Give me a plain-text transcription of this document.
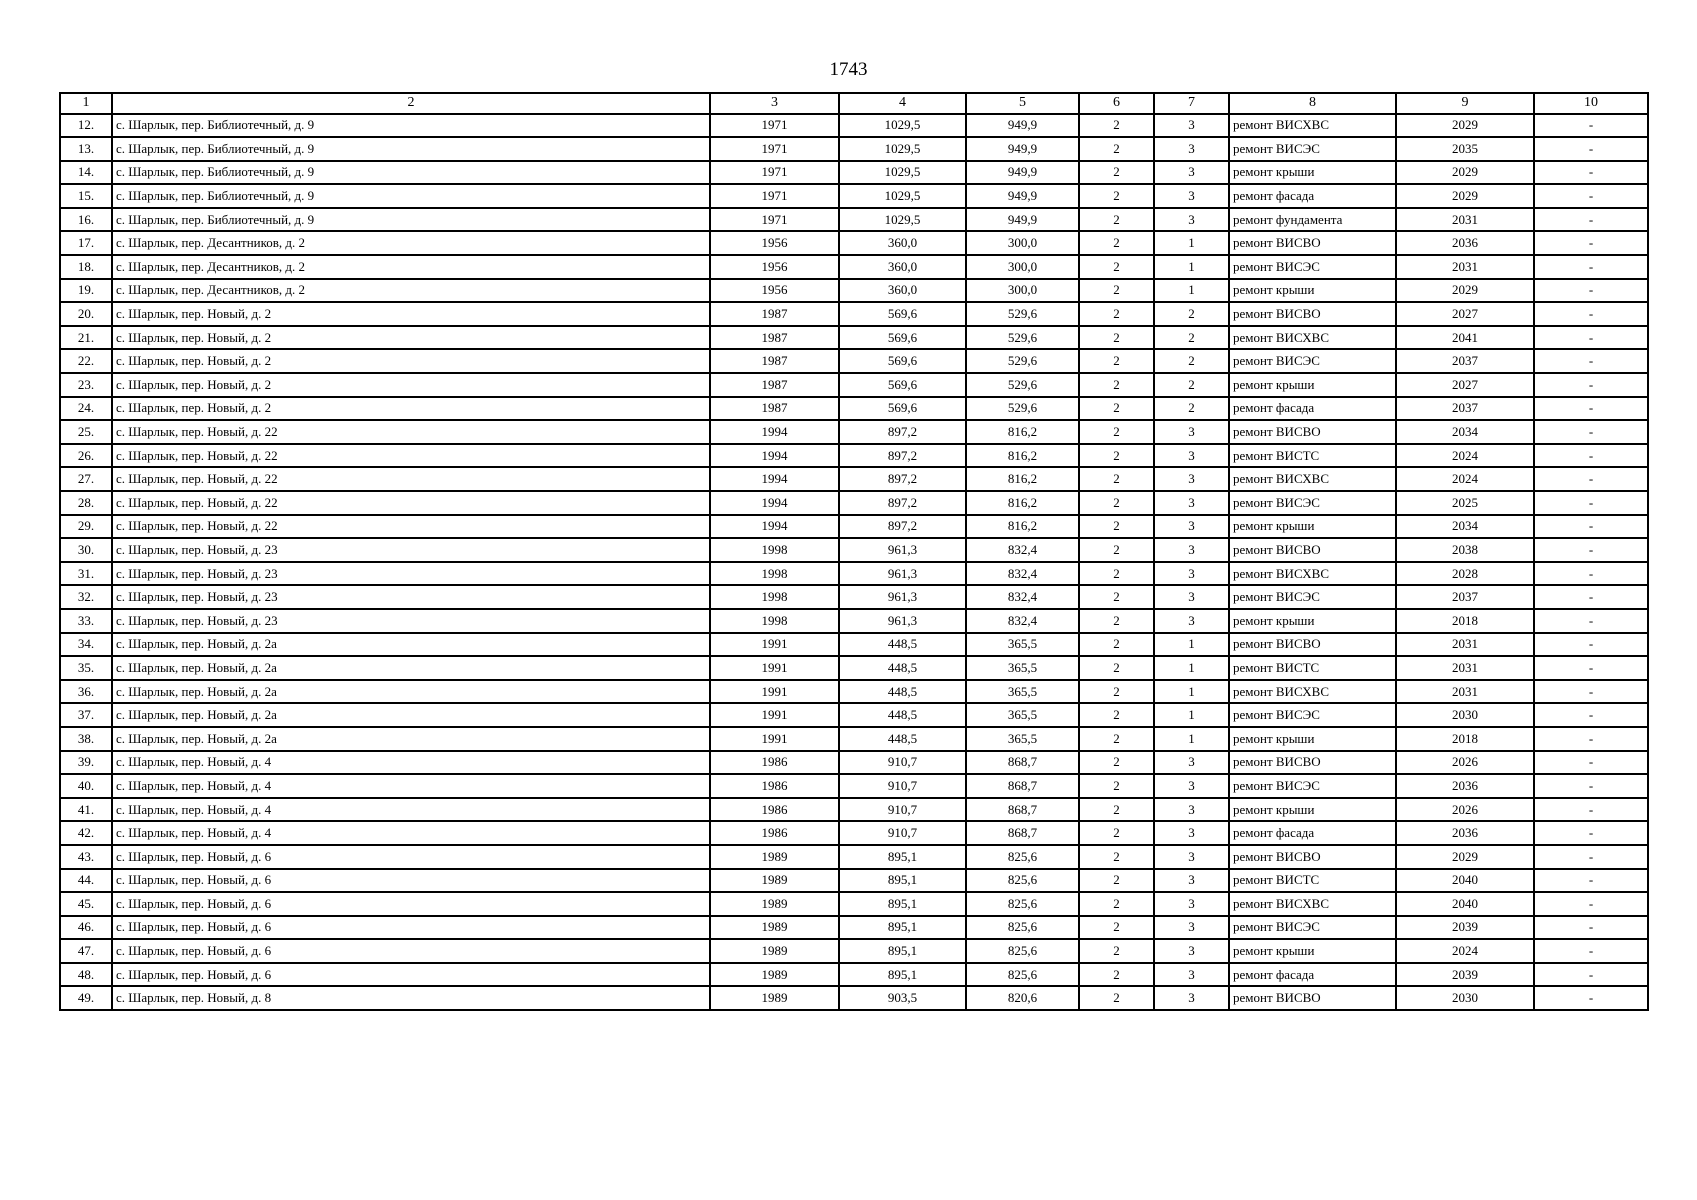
1743
1	2	3	4	5	6	7	8	9	10
12.	с. Шарлык, пер. Библиотечный, д. 9	1971	1029,5	949,9	2	3	ремонт ВИСХВС	2029	-
13.	с. Шарлык, пер. Библиотечный, д. 9	1971	1029,5	949,9	2	3	ремонт ВИСЭС	2035	-
14.	с. Шарлык, пер. Библиотечный, д. 9	1971	1029,5	949,9	2	3	ремонт крыши	2029	-
15.	с. Шарлык, пер. Библиотечный, д. 9	1971	1029,5	949,9	2	3	ремонт фасада	2029	-
16.	с. Шарлык, пер. Библиотечный, д. 9	1971	1029,5	949,9	2	3	ремонт фундамента	2031	-
17.	с. Шарлык, пер. Десантников, д. 2	1956	360,0	300,0	2	1	ремонт ВИСВО	2036	-
18.	с. Шарлык, пер. Десантников, д. 2	1956	360,0	300,0	2	1	ремонт ВИСЭС	2031	-
19.	с. Шарлык, пер. Десантников, д. 2	1956	360,0	300,0	2	1	ремонт крыши	2029	-
20.	с. Шарлык, пер. Новый, д. 2	1987	569,6	529,6	2	2	ремонт ВИСВО	2027	-
21.	с. Шарлык, пер. Новый, д. 2	1987	569,6	529,6	2	2	ремонт ВИСХВС	2041	-
22.	с. Шарлык, пер. Новый, д. 2	1987	569,6	529,6	2	2	ремонт ВИСЭС	2037	-
23.	с. Шарлык, пер. Новый, д. 2	1987	569,6	529,6	2	2	ремонт крыши	2027	-
24.	с. Шарлык, пер. Новый, д. 2	1987	569,6	529,6	2	2	ремонт фасада	2037	-
25.	с. Шарлык, пер. Новый, д. 22	1994	897,2	816,2	2	3	ремонт ВИСВО	2034	-
26.	с. Шарлык, пер. Новый, д. 22	1994	897,2	816,2	2	3	ремонт ВИСТС	2024	-
27.	с. Шарлык, пер. Новый, д. 22	1994	897,2	816,2	2	3	ремонт ВИСХВС	2024	-
28.	с. Шарлык, пер. Новый, д. 22	1994	897,2	816,2	2	3	ремонт ВИСЭС	2025	-
29.	с. Шарлык, пер. Новый, д. 22	1994	897,2	816,2	2	3	ремонт крыши	2034	-
30.	с. Шарлык, пер. Новый, д. 23	1998	961,3	832,4	2	3	ремонт ВИСВО	2038	-
31.	с. Шарлык, пер. Новый, д. 23	1998	961,3	832,4	2	3	ремонт ВИСХВС	2028	-
32.	с. Шарлык, пер. Новый, д. 23	1998	961,3	832,4	2	3	ремонт ВИСЭС	2037	-
33.	с. Шарлык, пер. Новый, д. 23	1998	961,3	832,4	2	3	ремонт крыши	2018	-
34.	с. Шарлык, пер. Новый, д. 2а	1991	448,5	365,5	2	1	ремонт ВИСВО	2031	-
35.	с. Шарлык, пер. Новый, д. 2а	1991	448,5	365,5	2	1	ремонт ВИСТС	2031	-
36.	с. Шарлык, пер. Новый, д. 2а	1991	448,5	365,5	2	1	ремонт ВИСХВС	2031	-
37.	с. Шарлык, пер. Новый, д. 2а	1991	448,5	365,5	2	1	ремонт ВИСЭС	2030	-
38.	с. Шарлык, пер. Новый, д. 2а	1991	448,5	365,5	2	1	ремонт крыши	2018	-
39.	с. Шарлык, пер. Новый, д. 4	1986	910,7	868,7	2	3	ремонт ВИСВО	2026	-
40.	с. Шарлык, пер. Новый, д. 4	1986	910,7	868,7	2	3	ремонт ВИСЭС	2036	-
41.	с. Шарлык, пер. Новый, д. 4	1986	910,7	868,7	2	3	ремонт крыши	2026	-
42.	с. Шарлык, пер. Новый, д. 4	1986	910,7	868,7	2	3	ремонт фасада	2036	-
43.	с. Шарлык, пер. Новый, д. 6	1989	895,1	825,6	2	3	ремонт ВИСВО	2029	-
44.	с. Шарлык, пер. Новый, д. 6	1989	895,1	825,6	2	3	ремонт ВИСТС	2040	-
45.	с. Шарлык, пер. Новый, д. 6	1989	895,1	825,6	2	3	ремонт ВИСХВС	2040	-
46.	с. Шарлык, пер. Новый, д. 6	1989	895,1	825,6	2	3	ремонт ВИСЭС	2039	-
47.	с. Шарлык, пер. Новый, д. 6	1989	895,1	825,6	2	3	ремонт крыши	2024	-
48.	с. Шарлык, пер. Новый, д. 6	1989	895,1	825,6	2	3	ремонт фасада	2039	-
49.	с. Шарлык, пер. Новый, д. 8	1989	903,5	820,6	2	3	ремонт ВИСВО	2030	-
